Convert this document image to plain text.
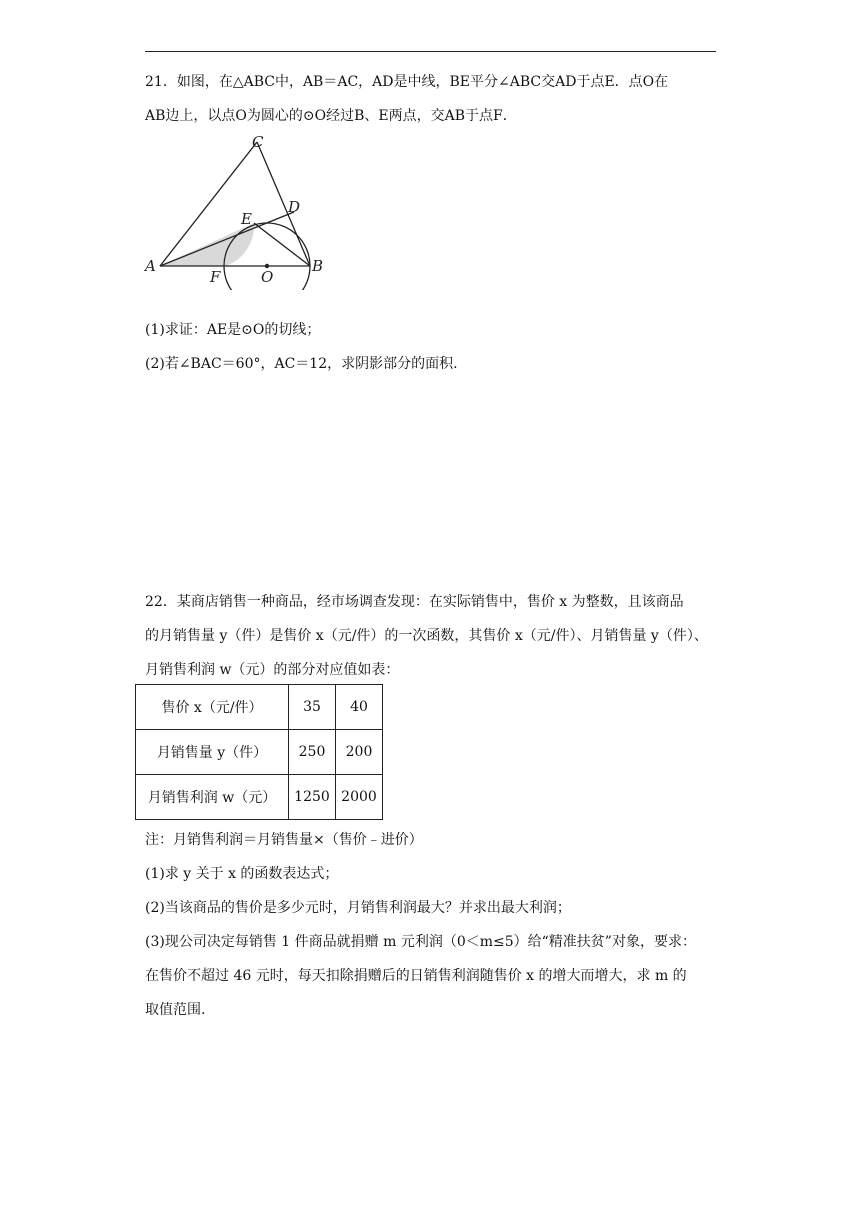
21．如图，在△ABC中，AB＝AC，AD是中线，BE平分∠ABC交AD于点E．点O在
AB边上，以点O为圆心的⊙O经过B、E两点，交AB于点F．
C
D
E
A	B
F	O
(1)求证：AE是⊙O的切线；
(2)若∠BAC＝60°，AC＝12，求阴影部分的面积.
22．某商店销售一种商品，经市场调查发现：在实际销售中，售价 x 为整数，且该商品
的月销售量 y（件）是售价 x（元/件）的一次函数，其售价 x（元/件）、月销售量 y（件）、
月销售利润 w（元）的部分对应值如表：
售价 x（元/件）	35	40
月销售量 y（件）	250	200
月销售利润 w（元）	1250	2000
注：月销售利润＝月销售量×（售价﹣进价）
(1)求 y 关于 x 的函数表达式；
(2)当该商品的售价是多少元时，月销售利润最大？并求出最大利润；
(3)现公司决定每销售 1 件商品就捐赠 m 元利润（0＜m≤5）给“精准扶贫”对象，要求：
在售价不超过 46 元时，每天扣除捐赠后的日销售利润随售价 x 的增大而增大，求 m 的
取值范围.
